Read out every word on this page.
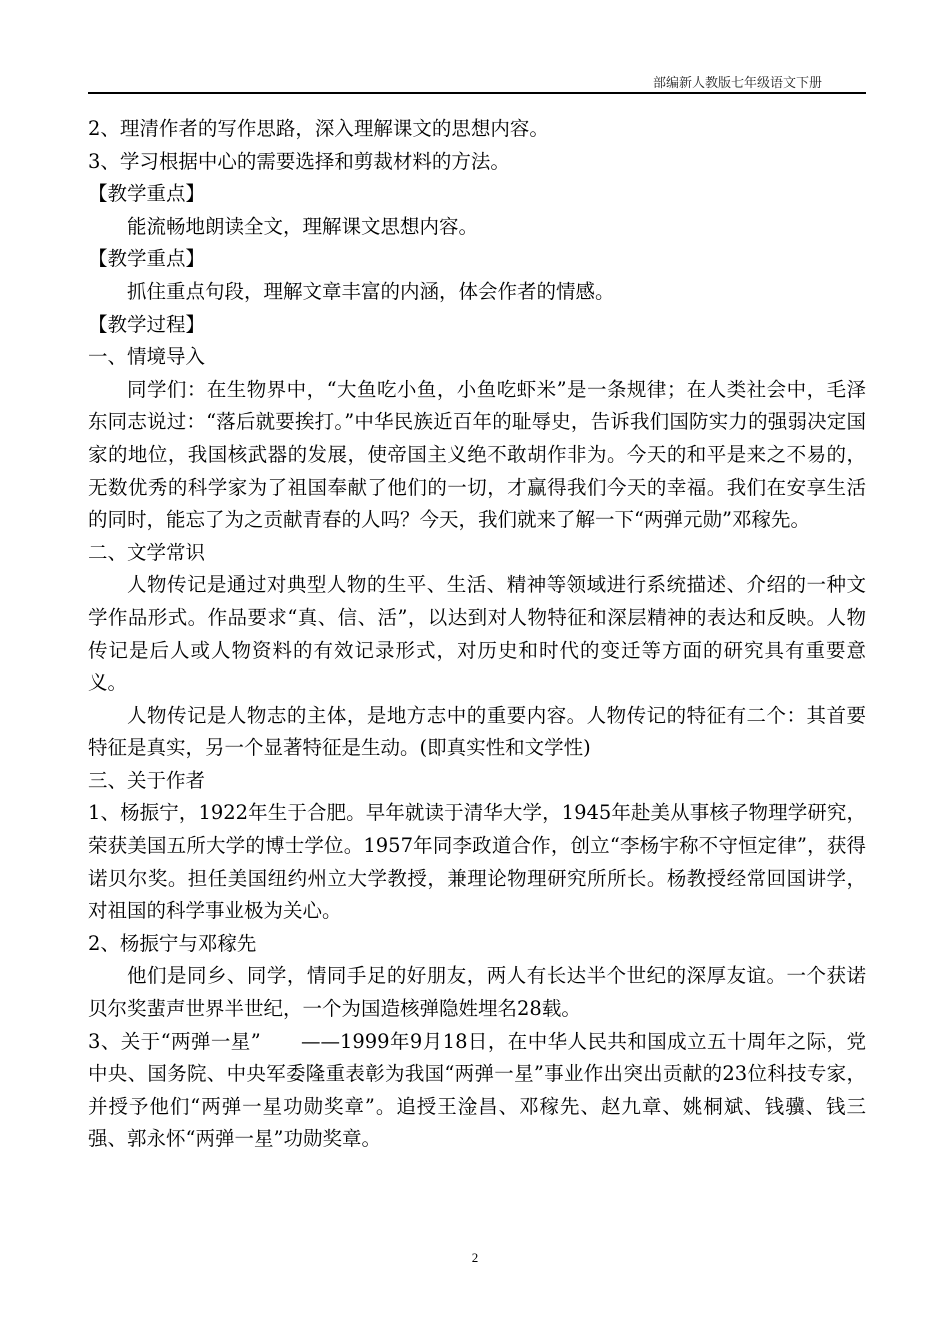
部编新人教版七年级语文下册

2、理清作者的写作思路，深入理解课文的思想内容。

3、学习根据中心的需要选择和剪裁材料的方法。

【教学重点】

能流畅地朗读全文，理解课文思想内容。

【教学重点】

抓住重点句段，理解文章丰富的内涵，体会作者的情感。

【教学过程】

一、情境导入

同学们：在生物界中，“大鱼吃小鱼，小鱼吃虾米”是一条规律；在人类社会中，毛泽东同志说过：“落后就要挨打。”中华民族近百年的耻辱史，告诉我们国防实力的强弱决定国家的地位，我国核武器的发展，使帝国主义绝不敢胡作非为。今天的和平是来之不易的，无数优秀的科学家为了祖国奉献了他们的一切，才赢得我们今天的幸福。我们在安享生活的同时，能忘了为之贡献青春的人吗？今天，我们就来了解一下“两弹元勋”邓稼先。

二、文学常识

人物传记是通过对典型人物的生平、生活、精神等领域进行系统描述、介绍的一种文学作品形式。作品要求“真、信、活”，以达到对人物特征和深层精神的表达和反映。人物传记是后人或人物资料的有效记录形式，对历史和时代的变迁等方面的研究具有重要意义。

人物传记是人物志的主体，是地方志中的重要内容。人物传记的特征有二个：其首要特征是真实，另一个显著特征是生动。(即真实性和文学性)

三、关于作者

1、杨振宁，1922年生于合肥。早年就读于清华大学，1945年赴美从事核子物理学研究，荣获美国五所大学的博士学位。1957年同李政道合作，创立“李杨宇称不守恒定律”，获得诺贝尔奖。担任美国纽约州立大学教授，兼理论物理研究所所长。杨教授经常回国讲学，对祖国的科学事业极为关心。

2、杨振宁与邓稼先

他们是同乡、同学，情同手足的好朋友，两人有长达半个世纪的深厚友谊。一个获诺贝尔奖蜚声世界半世纪，一个为国造核弹隐姓埋名28载。

3、关于“两弹一星”　　——1999年9月18日，在中华人民共和国成立五十周年之际，党中央、国务院、中央军委隆重表彰为我国“两弹一星”事业作出突出贡献的23位科技专家，并授予他们“两弹一星功勋奖章”。追授王淦昌、邓稼先、赵九章、姚桐斌、钱骥、钱三强、郭永怀“两弹一星”功勋奖章。

2
